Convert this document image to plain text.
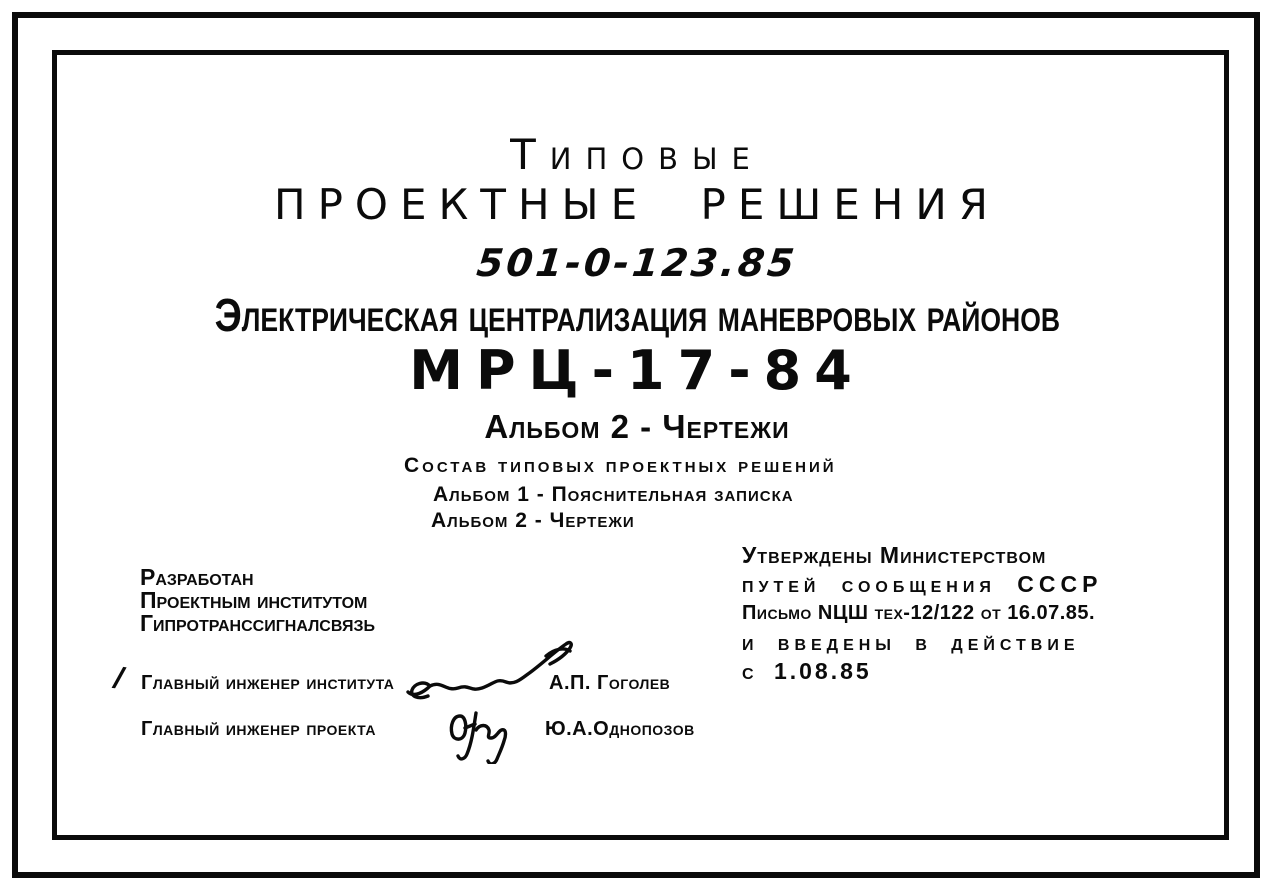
Типовые
ПРОЕКТНЫЕ РЕШЕНИЯ
501-0-123.85
Электрическая централизация маневровых районов
МРЦ-17-84
Альбом 2 - Чертежи
Состав типовых проектных решений
Альбом 1 - Пояснительная записка
Альбом 2 - Чертежи
Разработан
Проектным институтом
Гипротранссигналсвязь
Утверждены Министерством
путей сообщения СССР
Письмо NЦШ тех-12/122 от 16.07.85.
и введены в действие
с 1.08.85
/ Главный инженер института	А.П. Гоголев
Главный инженер проекта	Ю.А.Однопозов
